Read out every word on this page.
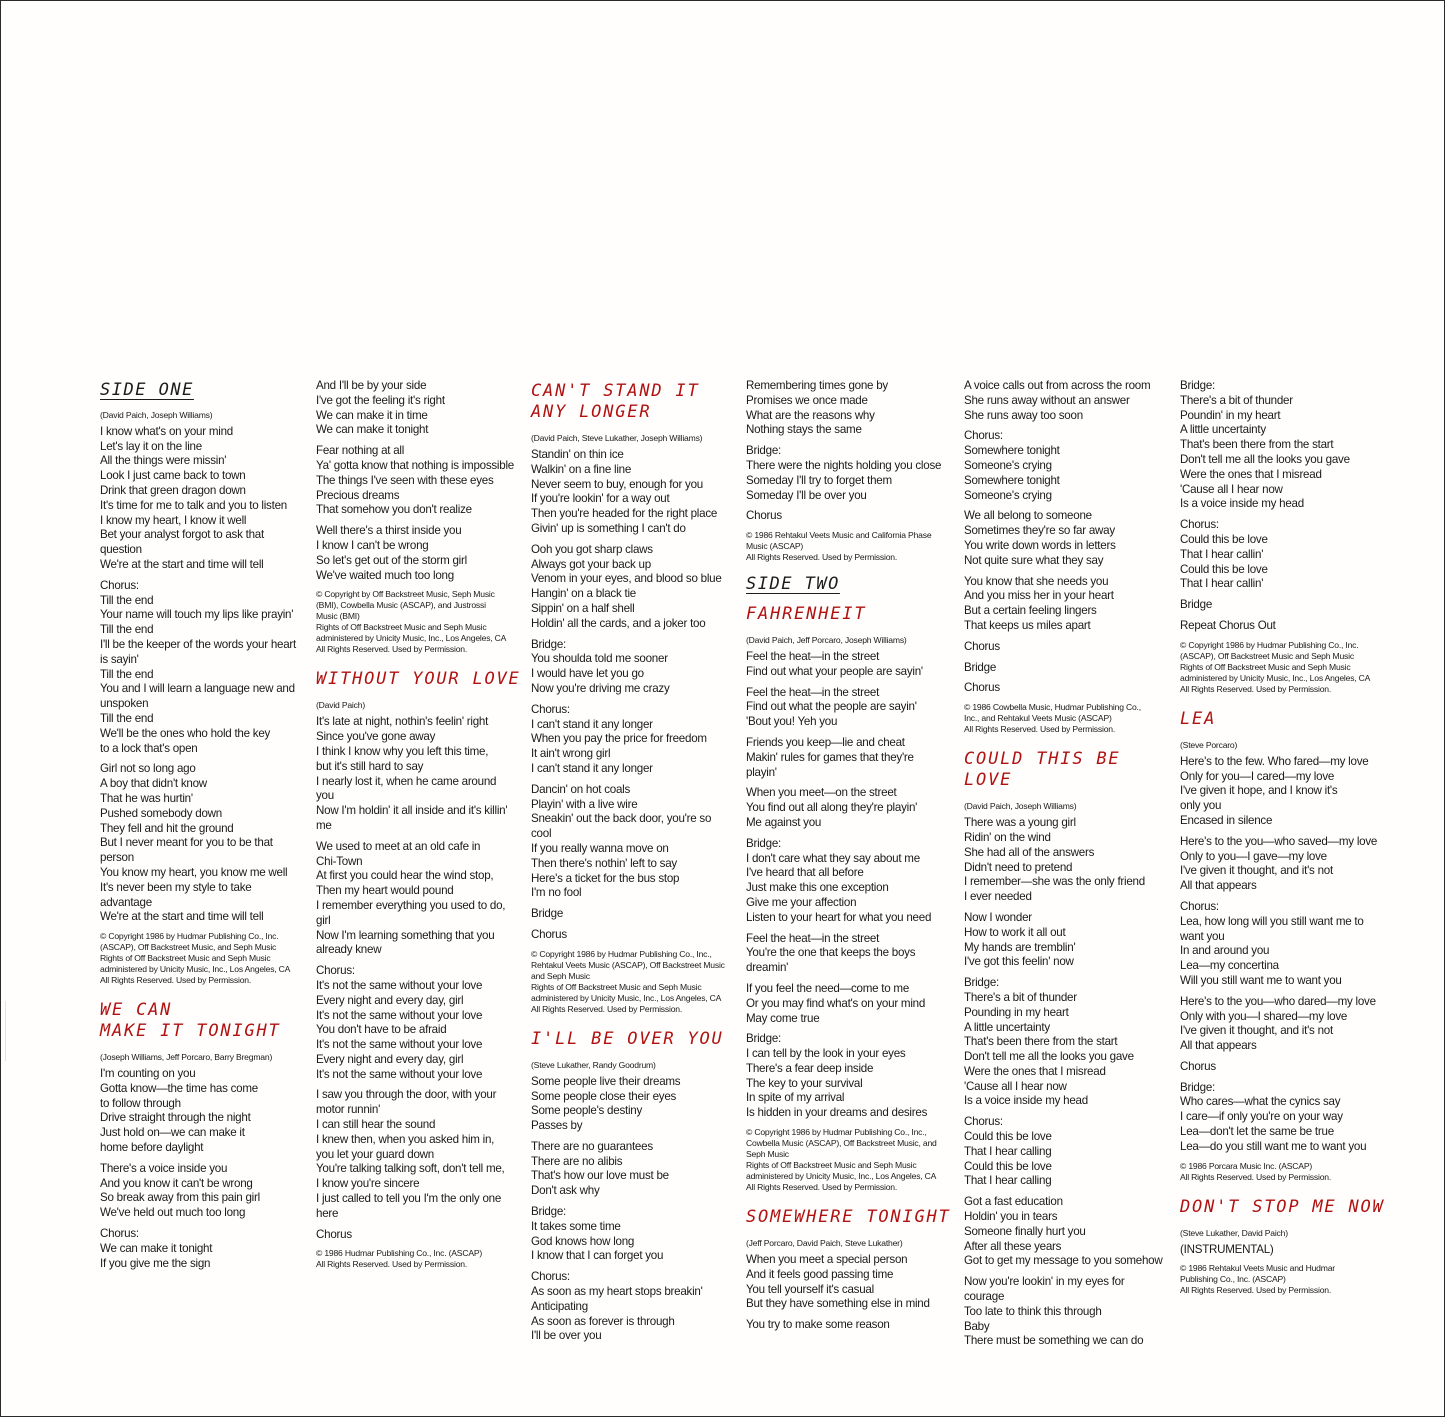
SIDE ONE
(David Paich, Joseph Williams)
I know what's on your mind
Let's lay it on the line
All the things were missin'
Look I just came back to town
Drink that green dragon down
It's time for me to talk and you to listen
I know my heart, I know it well
Bet your analyst forgot to ask that
question
We're at the start and time will tell
Chorus:
Till the end
Your name will touch my lips like prayin'
Till the end
I'll be the keeper of the words your heart
is sayin'
Till the end
You and I will learn a language new and
unspoken
Till the end
We'll be the ones who hold the key
to a lock that's open
Girl not so long ago
A boy that didn't know
That he was hurtin'
Pushed somebody down
They fell and hit the ground
But I never meant for you to be that
person
You know my heart, you know me well
It's never been my style to take
advantage
We're at the start and time will tell
© Copyright 1986 by Hudmar Publishing Co., Inc.
(ASCAP), Off Backstreet Music, and Seph Music
Rights of Off Backstreet Music and Seph Music
administered by Unicity Music, Inc., Los Angeles, CA
All Rights Reserved. Used by Permission.
WE CAN
MAKE IT TONIGHT
(Joseph Williams, Jeff Porcaro, Barry Bregman)
I'm counting on you
Gotta know—the time has come
to follow through
Drive straight through the night
Just hold on—we can make it
home before daylight
There's a voice inside you
And you know it can't be wrong
So break away from this pain girl
We've held out much too long
Chorus:
We can make it tonight
If you give me the sign
And I'll be by your side
I've got the feeling it's right
We can make it in time
We can make it tonight
Fear nothing at all
Ya' gotta know that nothing is impossible
The things I've seen with these eyes
Precious dreams
That somehow you don't realize
Well there's a thirst inside you
I know I can't be wrong
So let's get out of the storm girl
We've waited much too long
© Copyright by Off Backstreet Music, Seph Music
(BMI), Cowbella Music (ASCAP), and Justrossi
Music (BMI)
Rights of Off Backstreet Music and Seph Music
administered by Unicity Music, Inc., Los Angeles, CA
All Rights Reserved. Used by Permission.
WITHOUT YOUR LOVE
(David Paich)
It's late at night, nothin's feelin' right
Since you've gone away
I think I know why you left this time,
but it's still hard to say
I nearly lost it, when he came around
you
Now I'm holdin' it all inside and it's killin'
me
We used to meet at an old cafe in
Chi-Town
At first you could hear the wind stop,
Then my heart would pound
I remember everything you used to do,
girl
Now I'm learning something that you
already knew
Chorus:
It's not the same without your love
Every night and every day, girl
It's not the same without your love
You don't have to be afraid
It's not the same without your love
Every night and every day, girl
It's not the same without your love
I saw you through the door, with your
motor runnin'
I can still hear the sound
I knew then, when you asked him in,
you let your guard down
You're talking talking soft, don't tell me,
I know you're sincere
I just called to tell you I'm the only one
here
Chorus
© 1986 Hudmar Publishing Co., Inc. (ASCAP)
All Rights Reserved. Used by Permission.
CAN'T STAND IT
ANY LONGER
(David Paich, Steve Lukather, Joseph Williams)
Standin' on thin ice
Walkin' on a fine line
Never seem to buy, enough for you
If you're lookin' for a way out
Then you're headed for the right place
Givin' up is something I can't do
Ooh you got sharp claws
Always got your back up
Venom in your eyes, and blood so blue
Hangin' on a black tie
Sippin' on a half shell
Holdin' all the cards, and a joker too
Bridge:
You shoulda told me sooner
I would have let you go
Now you're driving me crazy
Chorus:
I can't stand it any longer
When you pay the price for freedom
It ain't wrong girl
I can't stand it any longer
Dancin' on hot coals
Playin' with a live wire
Sneakin' out the back door, you're so
cool
If you really wanna move on
Then there's nothin' left to say
Here's a ticket for the bus stop
I'm no fool
Bridge
Chorus
© Copyright 1986 by Hudmar Publishing Co., Inc.,
Rehtakul Veets Music (ASCAP), Off Backstreet Music
and Seph Music
Rights of Off Backstreet Music and Seph Music
administered by Unicity Music, Inc., Los Angeles, CA
All Rights Reserved. Used by Permission.
I'LL BE OVER YOU
(Steve Lukather, Randy Goodrum)
Some people live their dreams
Some people close their eyes
Some people's destiny
Passes by
There are no guarantees
There are no alibis
That's how our love must be
Don't ask why
Bridge:
It takes some time
God knows how long
I know that I can forget you
Chorus:
As soon as my heart stops breakin'
Anticipating
As soon as forever is through
I'll be over you
Remembering times gone by
Promises we once made
What are the reasons why
Nothing stays the same
Bridge:
There were the nights holding you close
Someday I'll try to forget them
Someday I'll be over you
Chorus
© 1986 Rehtakul Veets Music and California Phase
Music (ASCAP)
All Rights Reserved. Used by Permission.
SIDE TWO
FAHRENHEIT
(David Paich, Jeff Porcaro, Joseph Williams)
Feel the heat—in the street
Find out what your people are sayin'
Feel the heat—in the street
Find out what the people are sayin'
'Bout you! Yeh you
Friends you keep—lie and cheat
Makin' rules for games that they're
playin'
When you meet—on the street
You find out all along they're playin'
Me against you
Bridge:
I don't care what they say about me
I've heard that all before
Just make this one exception
Give me your affection
Listen to your heart for what you need
Feel the heat—in the street
You're the one that keeps the boys
dreamin'
If you feel the need—come to me
Or you may find what's on your mind
May come true
Bridge:
I can tell by the look in your eyes
There's a fear deep inside
The key to your survival
In spite of my arrival
Is hidden in your dreams and desires
© Copyright 1986 by Hudmar Publishing Co., Inc.,
Cowbella Music (ASCAP), Off Backstreet Music, and
Seph Music
Rights of Off Backstreet Music and Seph Music
administered by Unicity Music, Inc., Los Angeles, CA
All Rights Reserved. Used by Permission.
SOMEWHERE TONIGHT
(Jeff Porcaro, David Paich, Steve Lukather)
When you meet a special person
And it feels good passing time
You tell yourself it's casual
But they have something else in mind
You try to make some reason
A voice calls out from across the room
She runs away without an answer
She runs away too soon
Chorus:
Somewhere tonight
Someone's crying
Somewhere tonight
Someone's crying
We all belong to someone
Sometimes they're so far away
You write down words in letters
Not quite sure what they say
You know that she needs you
And you miss her in your heart
But a certain feeling lingers
That keeps us miles apart
Chorus
Bridge
Chorus
© 1986 Cowbella Music, Hudmar Publishing Co.,
Inc., and Rehtakul Veets Music (ASCAP)
All Rights Reserved. Used by Permission.
COULD THIS BE LOVE
(David Paich, Joseph Williams)
There was a young girl
Ridin' on the wind
She had all of the answers
Didn't need to pretend
I remember—she was the only friend
I ever needed
Now I wonder
How to work it all out
My hands are tremblin'
I've got this feelin' now
Bridge:
There's a bit of thunder
Pounding in my heart
A little uncertainty
That's been there from the start
Don't tell me all the looks you gave
Were the ones that I misread
'Cause all I hear now
Is a voice inside my head
Chorus:
Could this be love
That I hear calling
Could this be love
That I hear calling
Got a fast education
Holdin' you in tears
Someone finally hurt you
After all these years
Got to get my message to you somehow
Now you're lookin' in my eyes for
courage
Too late to think this through
Baby
There must be something we can do
Bridge:
There's a bit of thunder
Poundin' in my heart
A little uncertainty
That's been there from the start
Don't tell me all the looks you gave
Were the ones that I misread
'Cause all I hear now
Is a voice inside my head
Chorus:
Could this be love
That I hear callin'
Could this be love
That I hear callin'
Bridge
Repeat Chorus Out
© Copyright 1986 by Hudmar Publishing Co., Inc.
(ASCAP), Off Backstreet Music and Seph Music
Rights of Off Backstreet Music and Seph Music
administered by Unicity Music, Inc., Los Angeles, CA
All Rights Reserved. Used by Permission.
LEA
(Steve Porcaro)
Here's to the few. Who fared—my love
Only for you—I cared—my love
I've given it hope, and I know it's
only you
Encased in silence
Here's to the you—who saved—my love
Only to you—I gave—my love
I've given it thought, and it's not
All that appears
Chorus:
Lea, how long will you still want me to
want you
In and around you
Lea—my concertina
Will you still want me to want you
Here's to the you—who dared—my love
Only with you—I shared—my love
I've given it thought, and it's not
All that appears
Chorus
Bridge:
Who cares—what the cynics say
I care—if only you're on your way
Lea—don't let the same be true
Lea—do you still want me to want you
© 1986 Porcara Music Inc. (ASCAP)
All Rights Reserved. Used by Permission.
DON'T STOP ME NOW
(Steve Lukather, David Paich)
(INSTRUMENTAL)
© 1986 Rehtakul Veets Music and Hudmar
Publishing Co., Inc. (ASCAP)
All Rights Reserved. Used by Permission.
